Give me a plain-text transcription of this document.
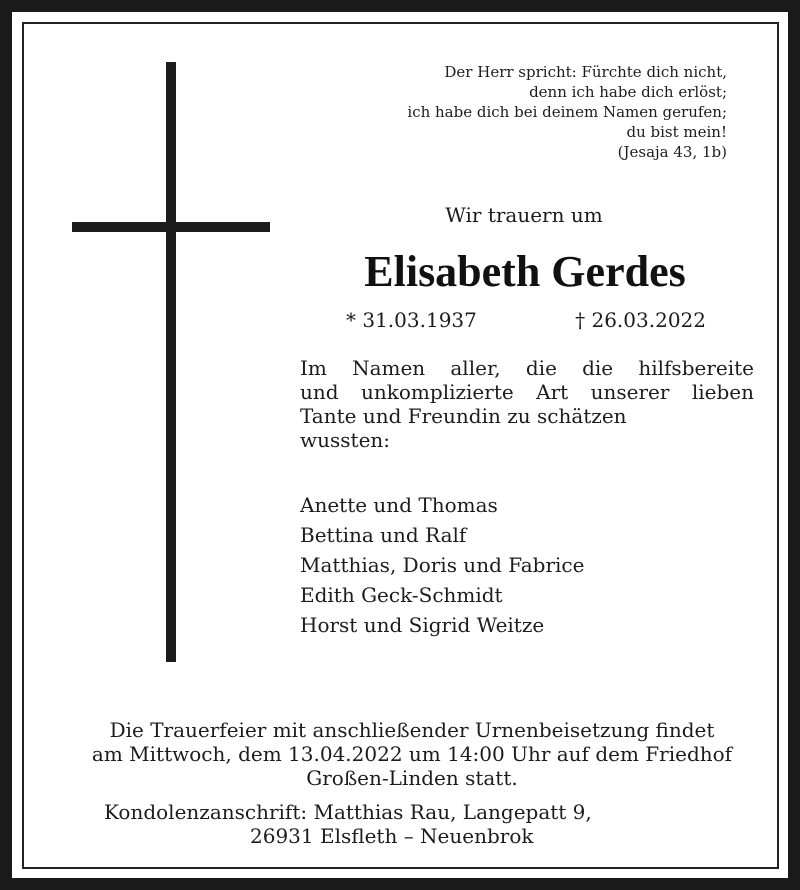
Der Herr spricht: Fürchte dich nicht,
denn ich habe dich erlöst;
ich habe dich bei deinem Namen gerufen;
du bist mein!
(Jesaja 43, 1b)
Wir trauern um
Elisabeth Gerdes
* 31.03.1937	† 26.03.2022
Im Namen aller, die die hilfsbereite
und unkomplizierte Art unserer lieben
Tante und Freundin zu schätzen
wussten:
Anette und Thomas
Bettina und Ralf
Matthias, Doris und Fabrice
Edith Geck-Schmidt
Horst und Sigrid Weitze
Die Trauerfeier mit anschließender Urnenbeisetzung findet
am Mittwoch, dem 13.04.2022 um 14:00 Uhr auf dem Friedhof
Großen-Linden statt.
Kondolenzanschrift: Matthias Rau, Langepatt 9,
26931 Elsfleth – Neuenbrok
